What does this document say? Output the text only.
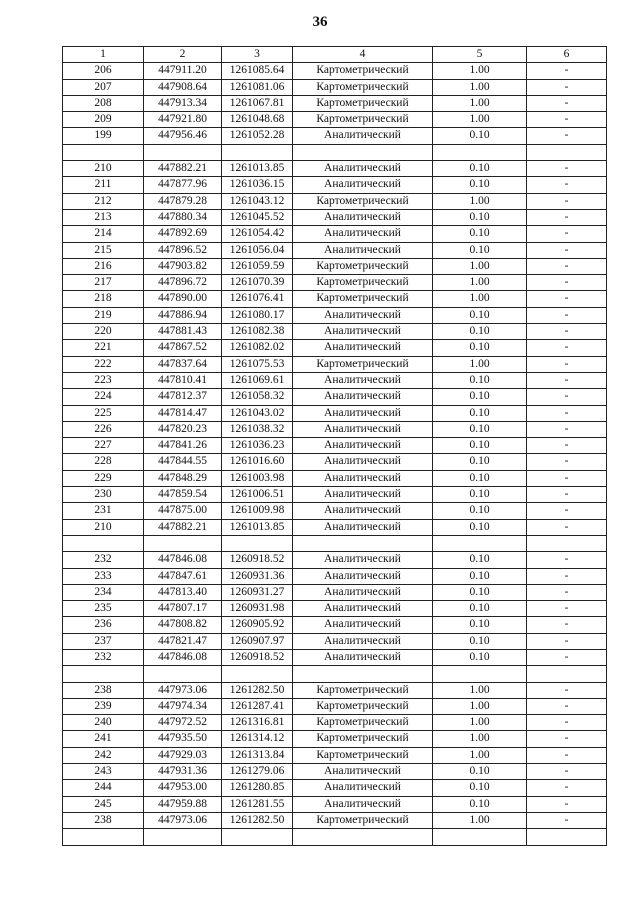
36
1	2	3	4	5	6
206	447911.20	1261085.64	Картометрический	1.00	-
207	447908.64	1261081.06	Картометрический	1.00	-
208	447913.34	1261067.81	Картометрический	1.00	-
209	447921.80	1261048.68	Картометрический	1.00	-
199	447956.46	1261052.28	Аналитический	0.10	-

210	447882.21	1261013.85	Аналитический	0.10	-
211	447877.96	1261036.15	Аналитический	0.10	-
212	447879.28	1261043.12	Картометрический	1.00	-
213	447880.34	1261045.52	Аналитический	0.10	-
214	447892.69	1261054.42	Аналитический	0.10	-
215	447896.52	1261056.04	Аналитический	0.10	-
216	447903.82	1261059.59	Картометрический	1.00	-
217	447896.72	1261070.39	Картометрический	1.00	-
218	447890.00	1261076.41	Картометрический	1.00	-
219	447886.94	1261080.17	Аналитический	0.10	-
220	447881.43	1261082.38	Аналитический	0.10	-
221	447867.52	1261082.02	Аналитический	0.10	-
222	447837.64	1261075.53	Картометрический	1.00	-
223	447810.41	1261069.61	Аналитический	0.10	-
224	447812.37	1261058.32	Аналитический	0.10	-
225	447814.47	1261043.02	Аналитический	0.10	-
226	447820.23	1261038.32	Аналитический	0.10	-
227	447841.26	1261036.23	Аналитический	0.10	-
228	447844.55	1261016.60	Аналитический	0.10	-
229	447848.29	1261003.98	Аналитический	0.10	-
230	447859.54	1261006.51	Аналитический	0.10	-
231	447875.00	1261009.98	Аналитический	0.10	-
210	447882.21	1261013.85	Аналитический	0.10	-

232	447846.08	1260918.52	Аналитический	0.10	-
233	447847.61	1260931.36	Аналитический	0.10	-
234	447813.40	1260931.27	Аналитический	0.10	-
235	447807.17	1260931.98	Аналитический	0.10	-
236	447808.82	1260905.92	Аналитический	0.10	-
237	447821.47	1260907.97	Аналитический	0.10	-
232	447846.08	1260918.52	Аналитический	0.10	-

238	447973.06	1261282.50	Картометрический	1.00	-
239	447974.34	1261287.41	Картометрический	1.00	-
240	447972.52	1261316.81	Картометрический	1.00	-
241	447935.50	1261314.12	Картометрический	1.00	-
242	447929.03	1261313.84	Картометрический	1.00	-
243	447931.36	1261279.06	Аналитический	0.10	-
244	447953.00	1261280.85	Аналитический	0.10	-
245	447959.88	1261281.55	Аналитический	0.10	-
238	447973.06	1261282.50	Картометрический	1.00	-
